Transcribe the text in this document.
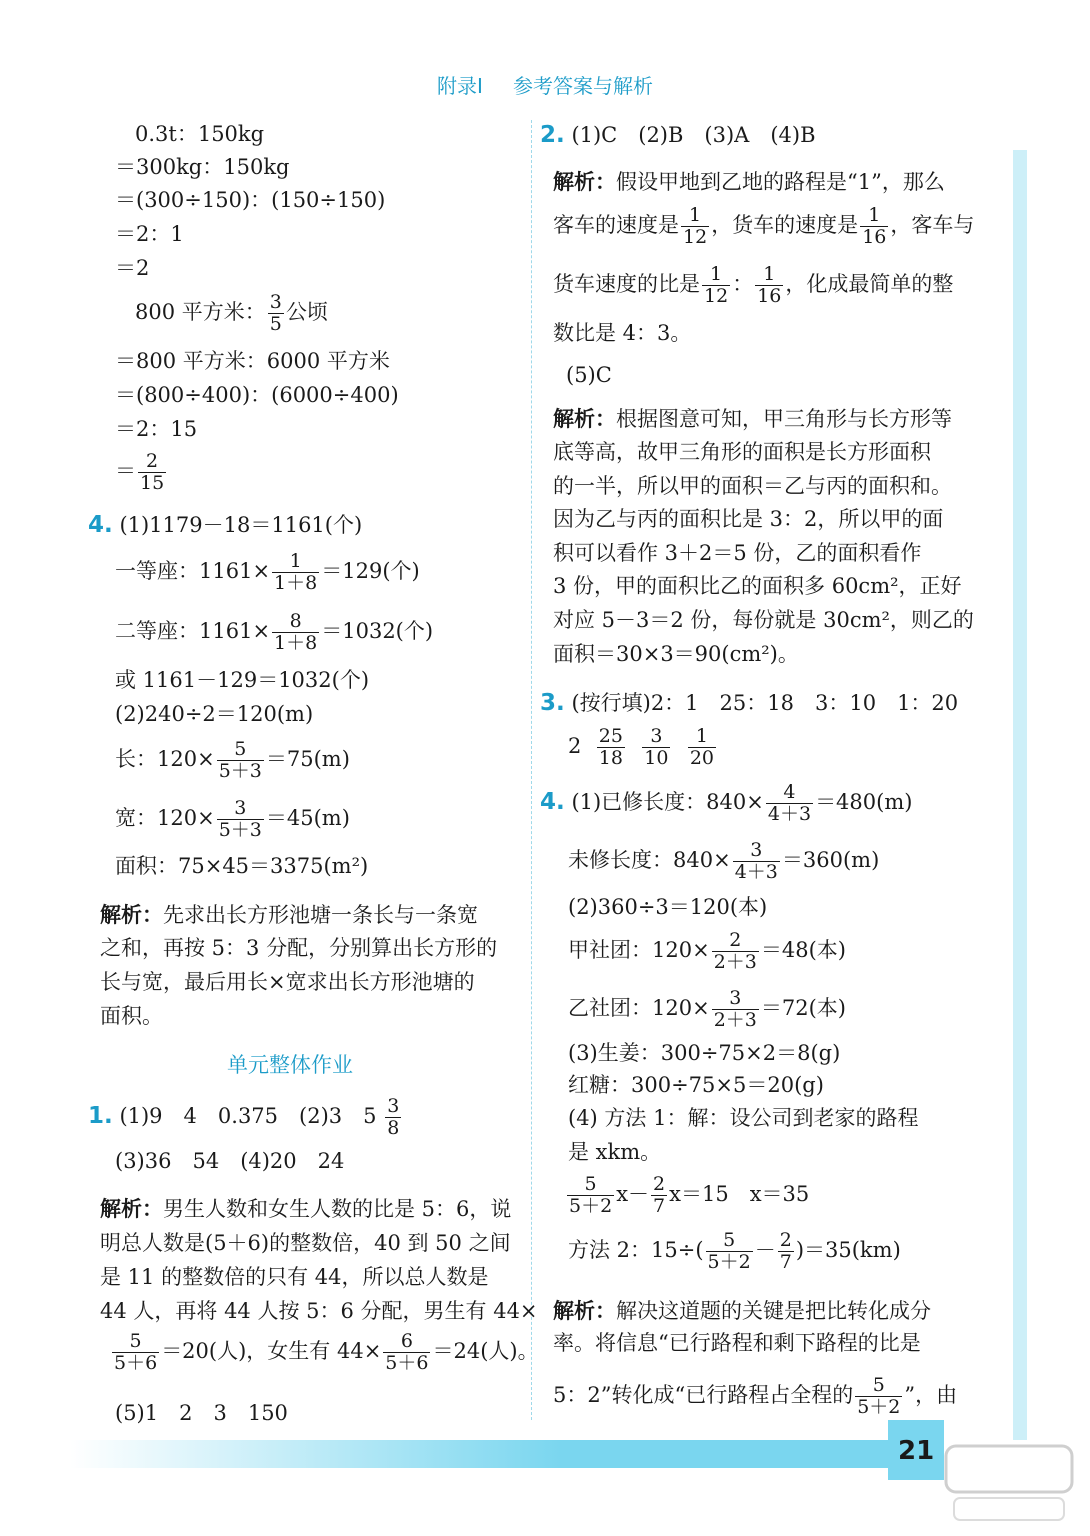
附录Ⅰ 参考答案与解析
0.3t：150kg
＝300kg：150kg
＝(300÷150)：(150÷150)
＝2：1
＝2
800 平方米： $\frac{3}{5}$ 公顷
＝800 平方米：6000 平方米
＝(800÷400)：(6000÷400)
＝2：15
＝ $\frac{2}{15}$
4. (1)1179－18＝1161(个)
一等座：$1161\times \frac{1}{1+8} =129$(个)
二等座：$1161\times \frac{8}{1+8} =1032$(个)
或 1161－129＝1032(个)
(2)240÷2＝120(m)
长：$120\times \frac{5}{5+3} =75(m)$
宽：$120\times \frac{3}{5+3} =45(m)$
面积：75×45＝3375(m²)
解析：先求出长方形池塘一条长与一条宽
之和，再按 5：3 分配，分别算出长方形的
长与宽，最后用长×宽求出长方形池塘的
面积。
单元整体作业
1. (1)9　4　0.375　(2)3　$5 \frac{3}{8}$
(3)36　54　(4)20　24
解析：男生人数和女生人数的比是 5：6，说
明总人数是(5＋6)的整数倍，40 到 50 之间
是 11 的整数倍的只有 44，所以总人数是
44 人，再将 44 人按 5：6 分配，男生有 44×
$\frac{5}{5+6} =20$(人)，女生有 $44\times \frac{6}{5+6} =24$(人)。
(5)1　2　3　150
2. (1)C　(2)B　(3)A　(4)B
解析：假设甲地到乙地的路程是“1”，那么
客车的速度是 $\frac{1}{12}$ ，货车的速度是 $\frac{1}{16}$ ，客车与
货车速度的比是 $\frac{1}{12}$ ： $\frac{1}{16}$ ，化成最简单的整
数比是 4：3。
(5)C
解析：根据图意可知，甲三角形与长方形等
底等高，故甲三角形的面积是长方形面积
的一半，所以甲的面积＝乙与丙的面积和。
因为乙与丙的面积比是 3：2，所以甲的面
积可以看作 3＋2＝5 份，乙的面积看作
3 份，甲的面积比乙的面积多 60cm²，正好
对应 5－3＝2 份，每份就是 30cm²，则乙的
面积＝30×3＝90(cm²)。
3. (按行填)2：1　25：18　3：10　1：20
$2 \frac{25}{18}$
$\frac{3}{10}$
$\frac{1}{20}$
4. (1)已修长度：$840\times \frac{4}{4+3} =480(m)$
未修长度：$840\times \frac{3}{4+3} =360(m)$
(2)360÷3＝120(本)
甲社团：$120\times \frac{2}{2+3} =48$(本)
乙社团：$120\times \frac{3}{2+3} =72$(本)
(3)生姜：300÷75×2＝8(g)
红糖：300÷75×5＝20(g)
(4) 方法 1：解：设公司到老家的路程
是 xkm。
$\frac{5}{5+2} x- \frac{2}{7} x=15$　x＝35
方法 2：$15\div( \frac{5}{5+2} - \frac{2}{7} )=35(km)$
解析：解决这道题的关键是把比转化成分
率。将信息“已行路程和剩下路程的比是
5：2”转化成“已行路程占全程的 $\frac{5}{5+2}$ ”，由
21
